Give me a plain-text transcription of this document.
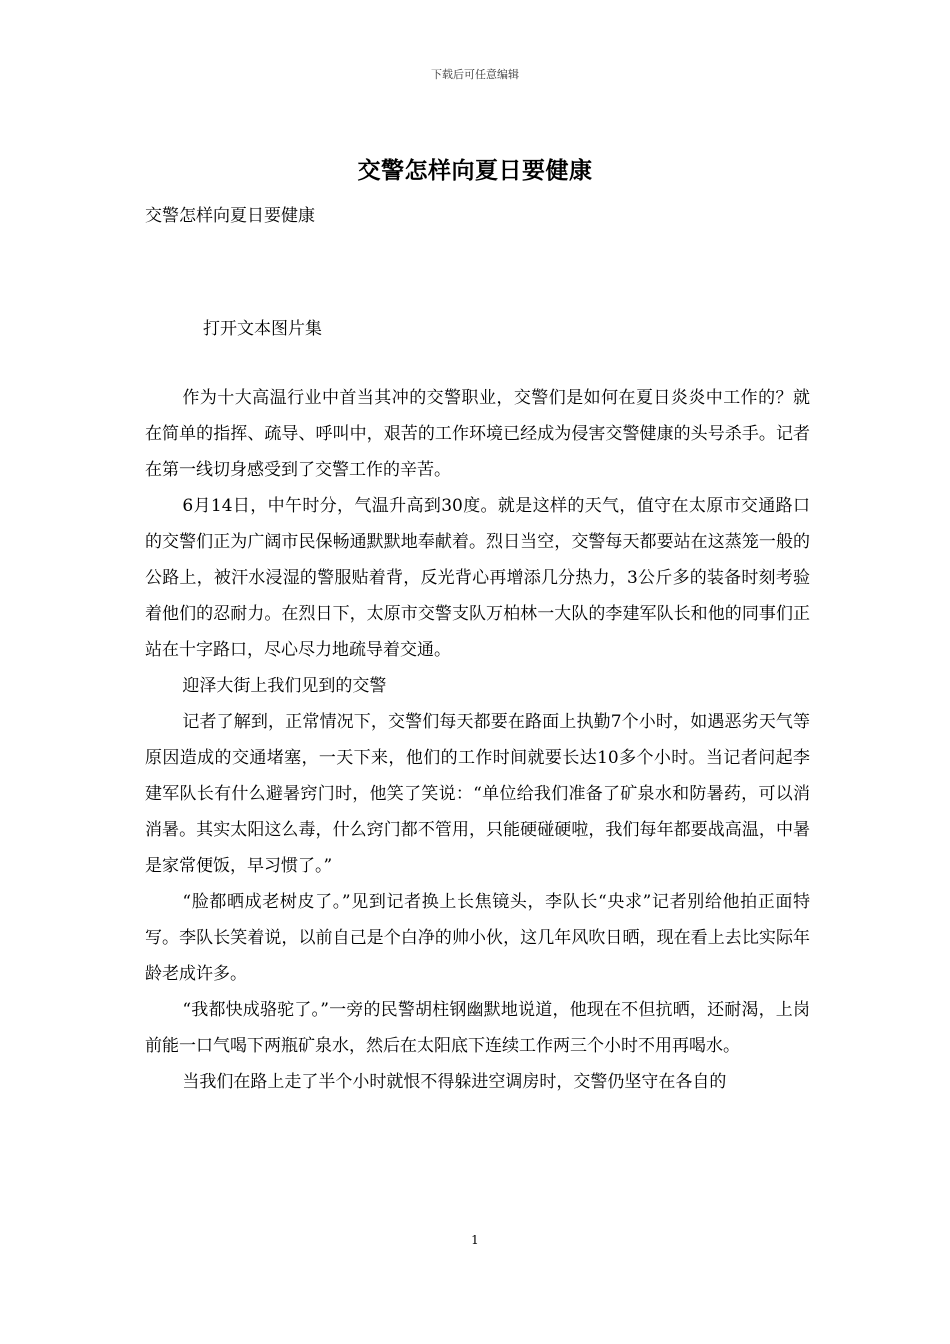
下载后可任意编辑
交警怎样向夏日要健康
交警怎样向夏日要健康
打开文本图片集

作为十大高温行业中首当其冲的交警职业，交警们是如何在夏日炎炎中工作的？就在简单的指挥、疏导、呼叫中，艰苦的工作环境已经成为侵害交警健康的头号杀手。记者在第一线切身感受到了交警工作的辛苦。

6月14日，中午时分，气温升高到30度。就是这样的天气，值守在太原市交通路口的交警们正为广阔市民保畅通默默地奉献着。烈日当空，交警每天都要站在这蒸笼一般的公路上，被汗水浸湿的警服贴着背，反光背心再增添几分热力，3公斤多的装备时刻考验着他们的忍耐力。在烈日下，太原市交警支队万柏林一大队的李建军队长和他的同事们正站在十字路口，尽心尽力地疏导着交通。

迎泽大街上我们见到的交警

记者了解到，正常情况下，交警们每天都要在路面上执勤7个小时，如遇恶劣天气等原因造成的交通堵塞，一天下来，他们的工作时间就要长达10多个小时。当记者问起李建军队长有什么避暑窍门时，他笑了笑说：“单位给我们准备了矿泉水和防暑药，可以消消暑。其实太阳这么毒，什么窍门都不管用，只能硬碰硬啦，我们每年都要战高温，中暑是家常便饭，早习惯了。”

“脸都晒成老树皮了。”见到记者换上长焦镜头，李队长“央求”记者别给他拍正面特写。李队长笑着说，以前自己是个白净的帅小伙，这几年风吹日晒，现在看上去比实际年龄老成许多。

“我都快成骆驼了。”一旁的民警胡柱钢幽默地说道，他现在不但抗晒，还耐渴，上岗前能一口气喝下两瓶矿泉水，然后在太阳底下连续工作两三个小时不用再喝水。

当我们在路上走了半个小时就恨不得躲进空调房时，交警仍坚守在各自的

1
